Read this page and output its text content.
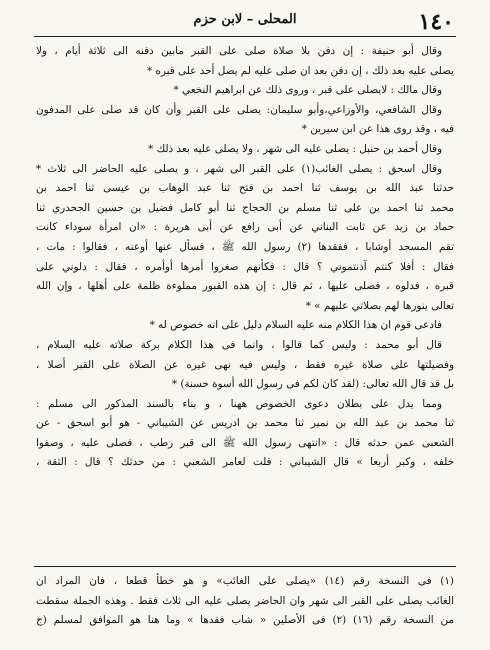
١٤٠
المحلى – لابن حزم
وقال أبو حنيفة : إن دفن بلا صلاة صلى على القبر مابين دفنه الى ثلاثة أيام ، ولا
يصلى عليه بعد ذلك ، إن دفن بعد ان صلى عليه لم يصل أحد على قبره *
وقال مالك : لايصلى على قبر ، وروى ذلك عن ابراهيم النخعي *
وقال الشافعي، والأوزاعي،وأبو سليمان: يصلى على القبر وأن كان قد صلى على المدفون
فيه ، وقد روى هذا عن ابن سيرين *
وقال أحمد بن حنبل : يصلى عليه الى شهر ، ولا يصلى عليه بعد ذلك *
وقال اسحق : يصلى الغائب(١) على القبر الى شهر ، و يصلى عليه الحاضر الى ثلاث *
حدثنا عبد الله بن يوسف ثنا احمد بن فتح ثنا عبد الوهاب بن عيسى ثنا احمد بن
محمد ثنا احمد بن على ثنا مسلم بن الحجاج ثنا أبو كامل فضيل بن حسين الجحدري ثنا
حماد بن زيد عن ثابت البناني عن أبى رافع عن أبى هريرة : «ان امرأة سوداء كانت
تقم المسجد أوشابا ، ففقدها (٢) رسول الله ﷺ ، فسأل عنها أوعنه ، فقالوا : مات ،
فقال : أفلا كنتم آذنتموني ؟ قال : فكأنهم صغروا أمرها أوأمره ، فقال : دلوني على
قبره ، فدلوه ، فصلى عليها ، ثم قال : إن هذه القبور مملوءة ظلمة على أهلها ، وإن الله
تعالى ينورها لهم بصلاتي عليهم » *
فادعى قوم ان هذا الكلام منه عليه السلام دليل على انه خصوص له *
قال أبو محمد : وليس كما قالوا ، وانما فى هذا الكلام بركة صلاته عليه السلام ،
وفضيلتها على صلاة غيره فقط ، وليس فيه نهى غيره عن الصلاة على القبر أصلا ،
بل قد قال الله تعالى: (لقد كان لكم فى رسول الله أسوة حسنة) *
ومما يدل على بطلان دعوى الخصوص ههنا ، و بناء بالسند المذكور الى مسلم :
ثنا محمد بن عبد الله بن نمير ثنا محمد بن ادريس عن الشيباني - هو أبو اسحق - عن
الشعبى عمن حدثه قال : «انتهى رسول الله ﷺ الى قبر رطب ، فصلى عليه ، وصفوا
خلفه ، وكبر أربعا » قال الشيباني : قلت لعامر الشعبي : من حدثك ؟ قال : الثقة ،
(١) فى النسخة رقم (١٤) «يصلى على الغائب» و هو خطأ قطعا ، فان المراد ان
الغائب يصلى على القبر الى شهر وان الحاضر يصلى عليه الى ثلاث فقط . وهذه الجملة سقطت
من النسخة رقم (١٦) (٢) فى الأصلين « شاب فقدها » وما هنا هو الموافق لمسلم (ج
